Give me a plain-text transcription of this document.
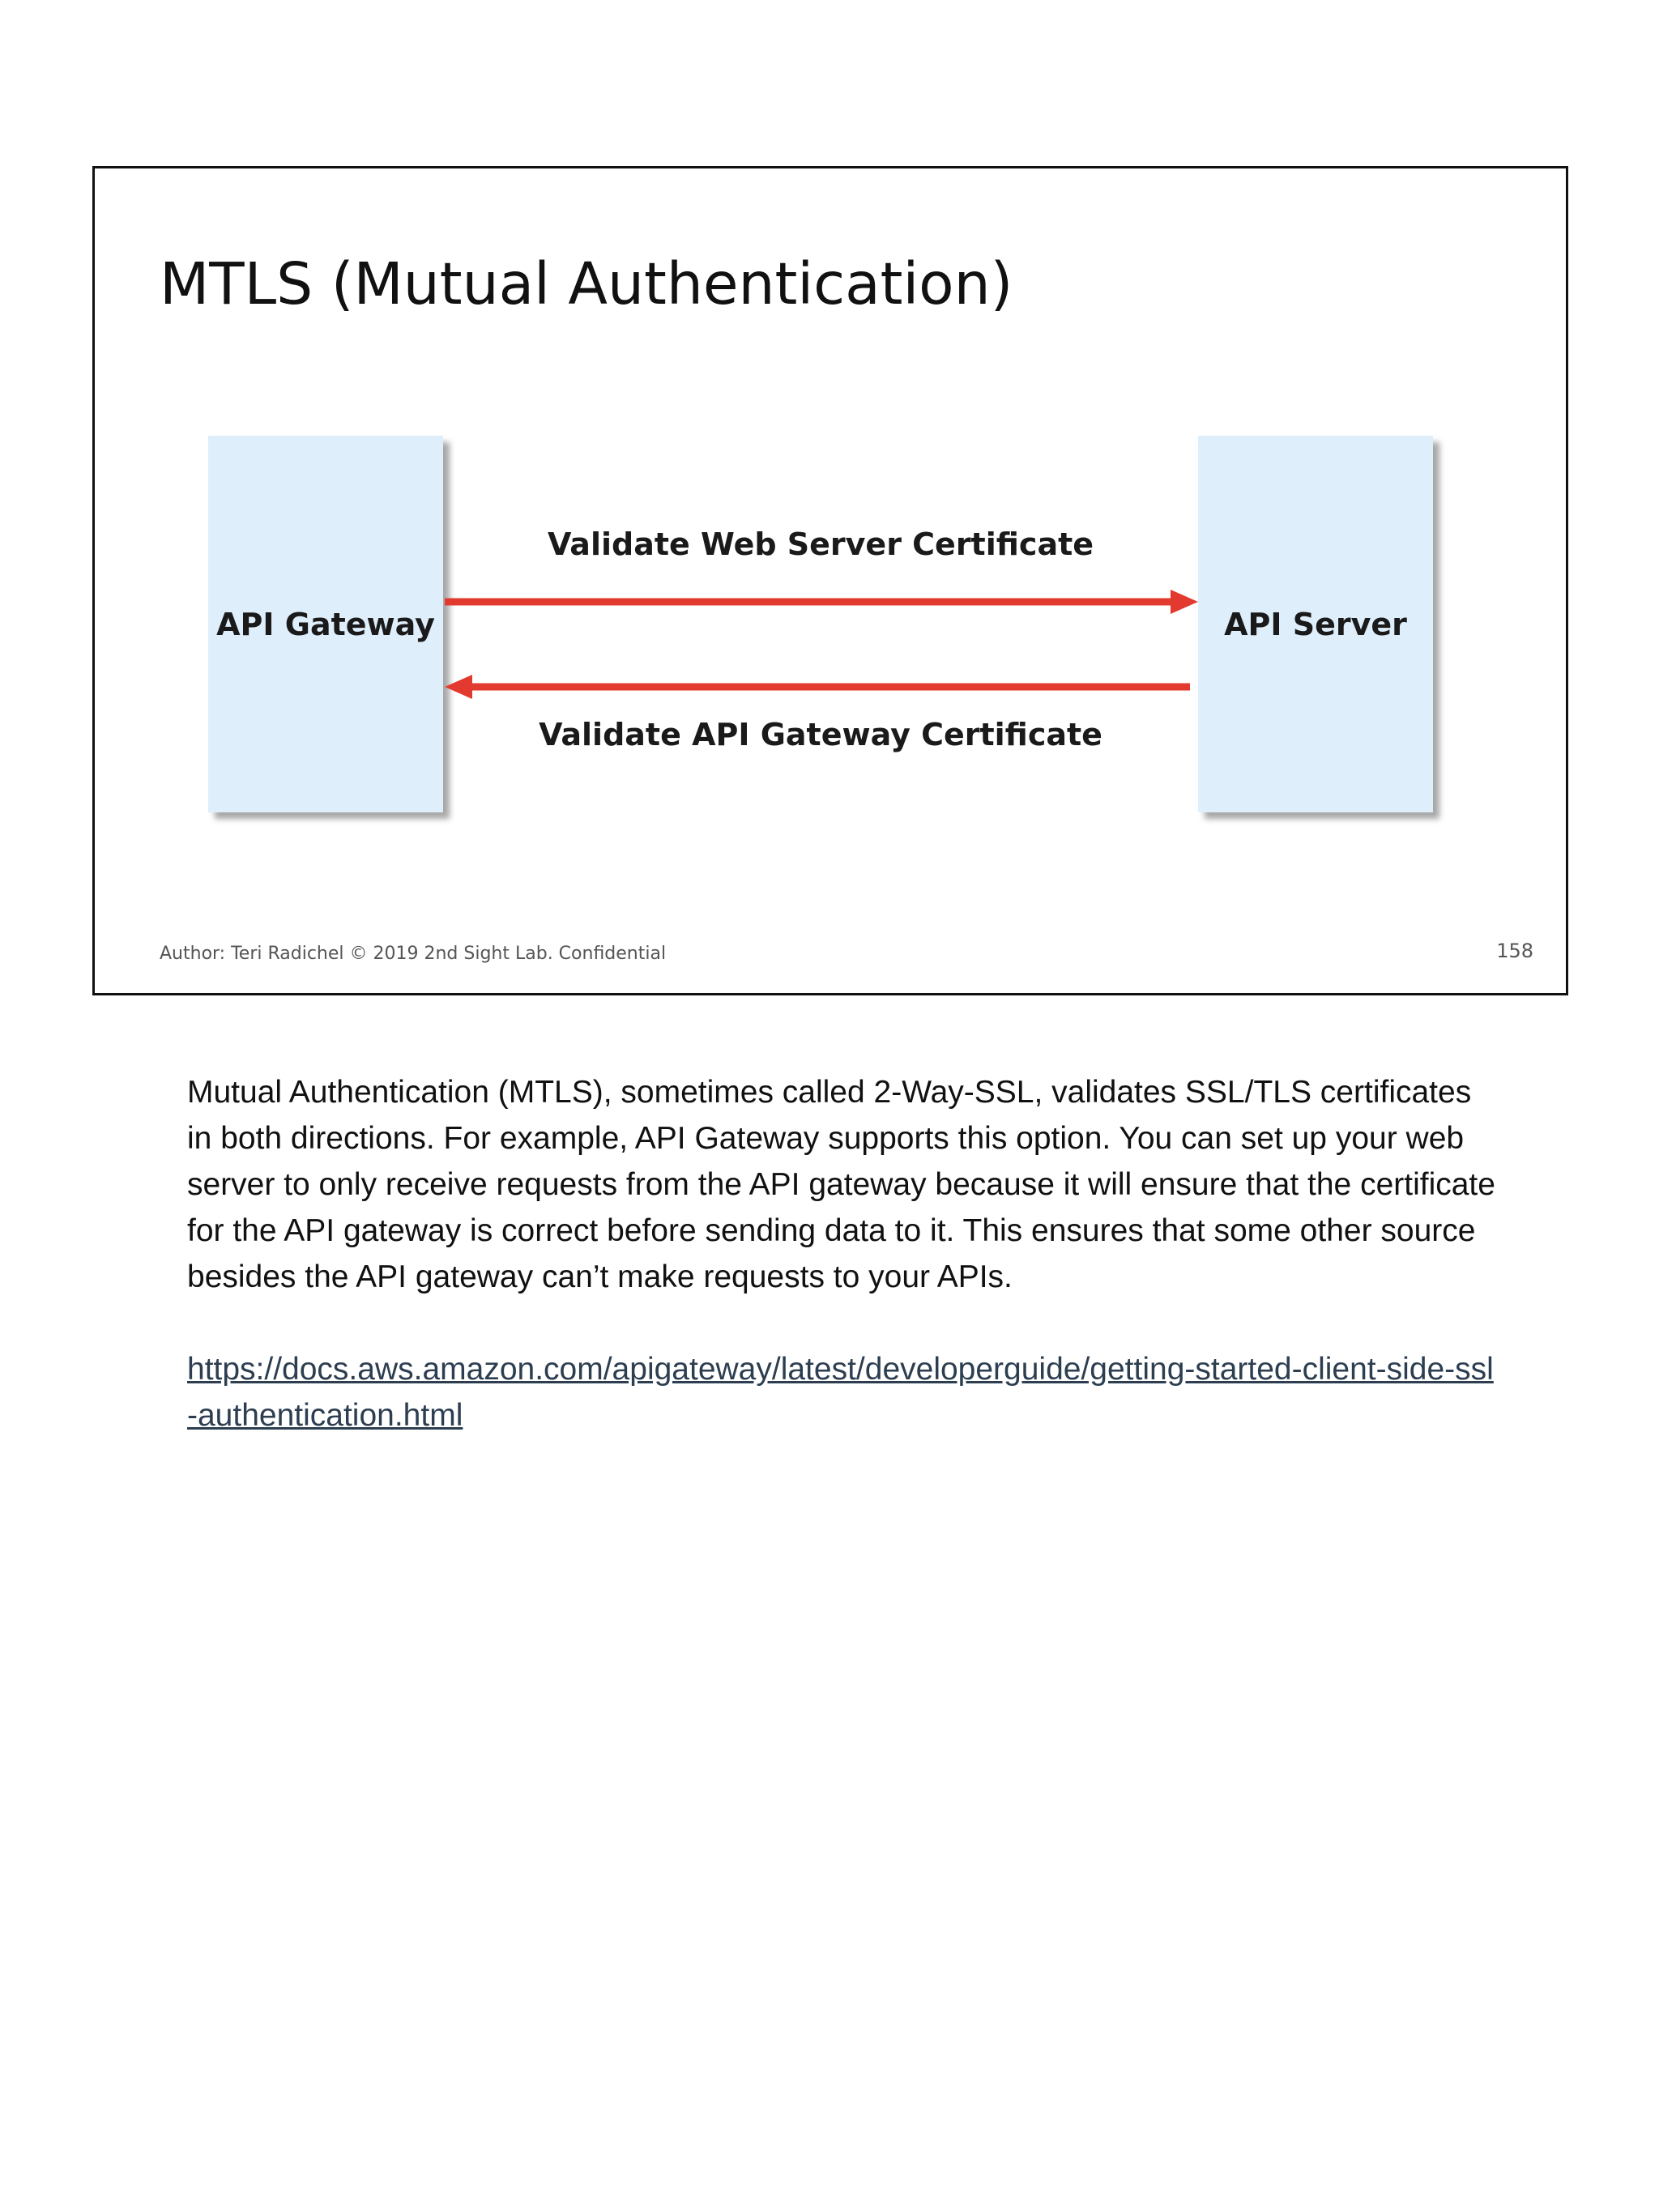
MTLS (Mutual Authentication)
API Gateway	API Server
Validate Web Server Certificate
Validate API Gateway Certificate
Author: Teri Radichel © 2019 2nd Sight Lab. Confidential	158

Mutual Authentication (MTLS), sometimes called 2-Way-SSL, validates SSL/TLS certificates in both directions. For example, API Gateway supports this option. You can set up your web server to only receive requests from the API gateway because it will ensure that the certificate for the API gateway is correct before sending data to it. This ensures that some other source besides the API gateway can’t make requests to your APIs.

https://docs.aws.amazon.com/apigateway/latest/developerguide/getting-started-client-side-ssl-authentication.html
